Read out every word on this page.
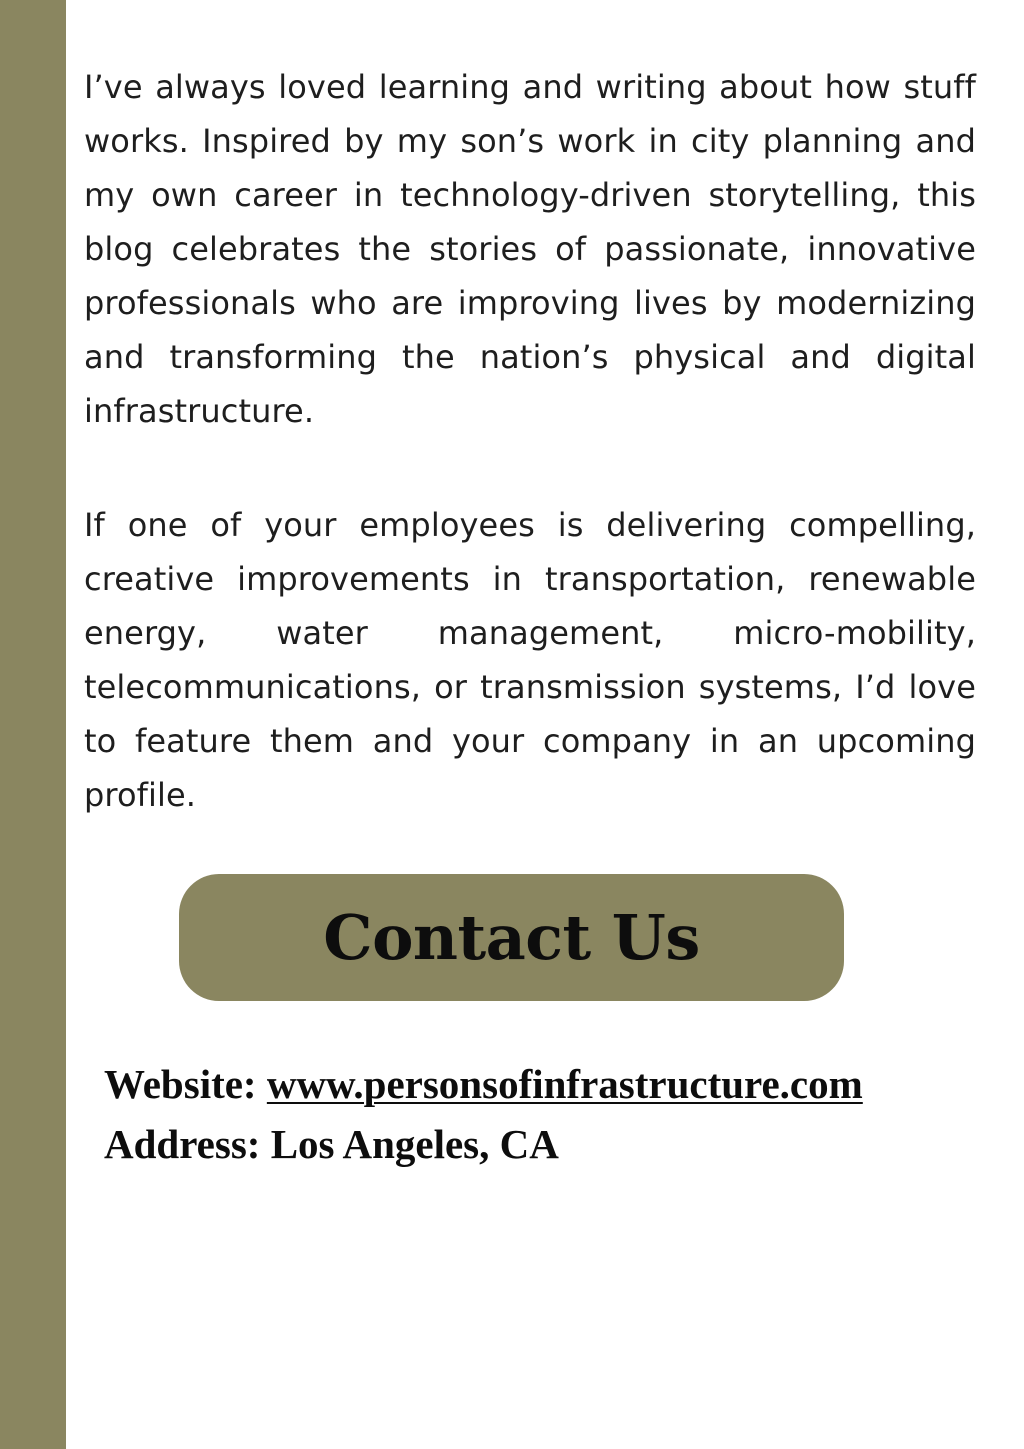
I’ve always loved learning and writing about how stuff works. Inspired by my son’s work in city planning and my own career in technology-driven storytelling, this blog celebrates the stories of passionate, innovative professionals who are improving lives by modernizing and transforming the nation’s physical and digital infrastructure.

If one of your employees is delivering compelling, creative improvements in transportation, renewable energy, water management, micro-mobility, telecommunications, or transmission systems, I’d love to feature them and your company in an upcoming profile.

Contact Us
Website: www.personsofinfrastructure.com
Address: Los Angeles, CA
